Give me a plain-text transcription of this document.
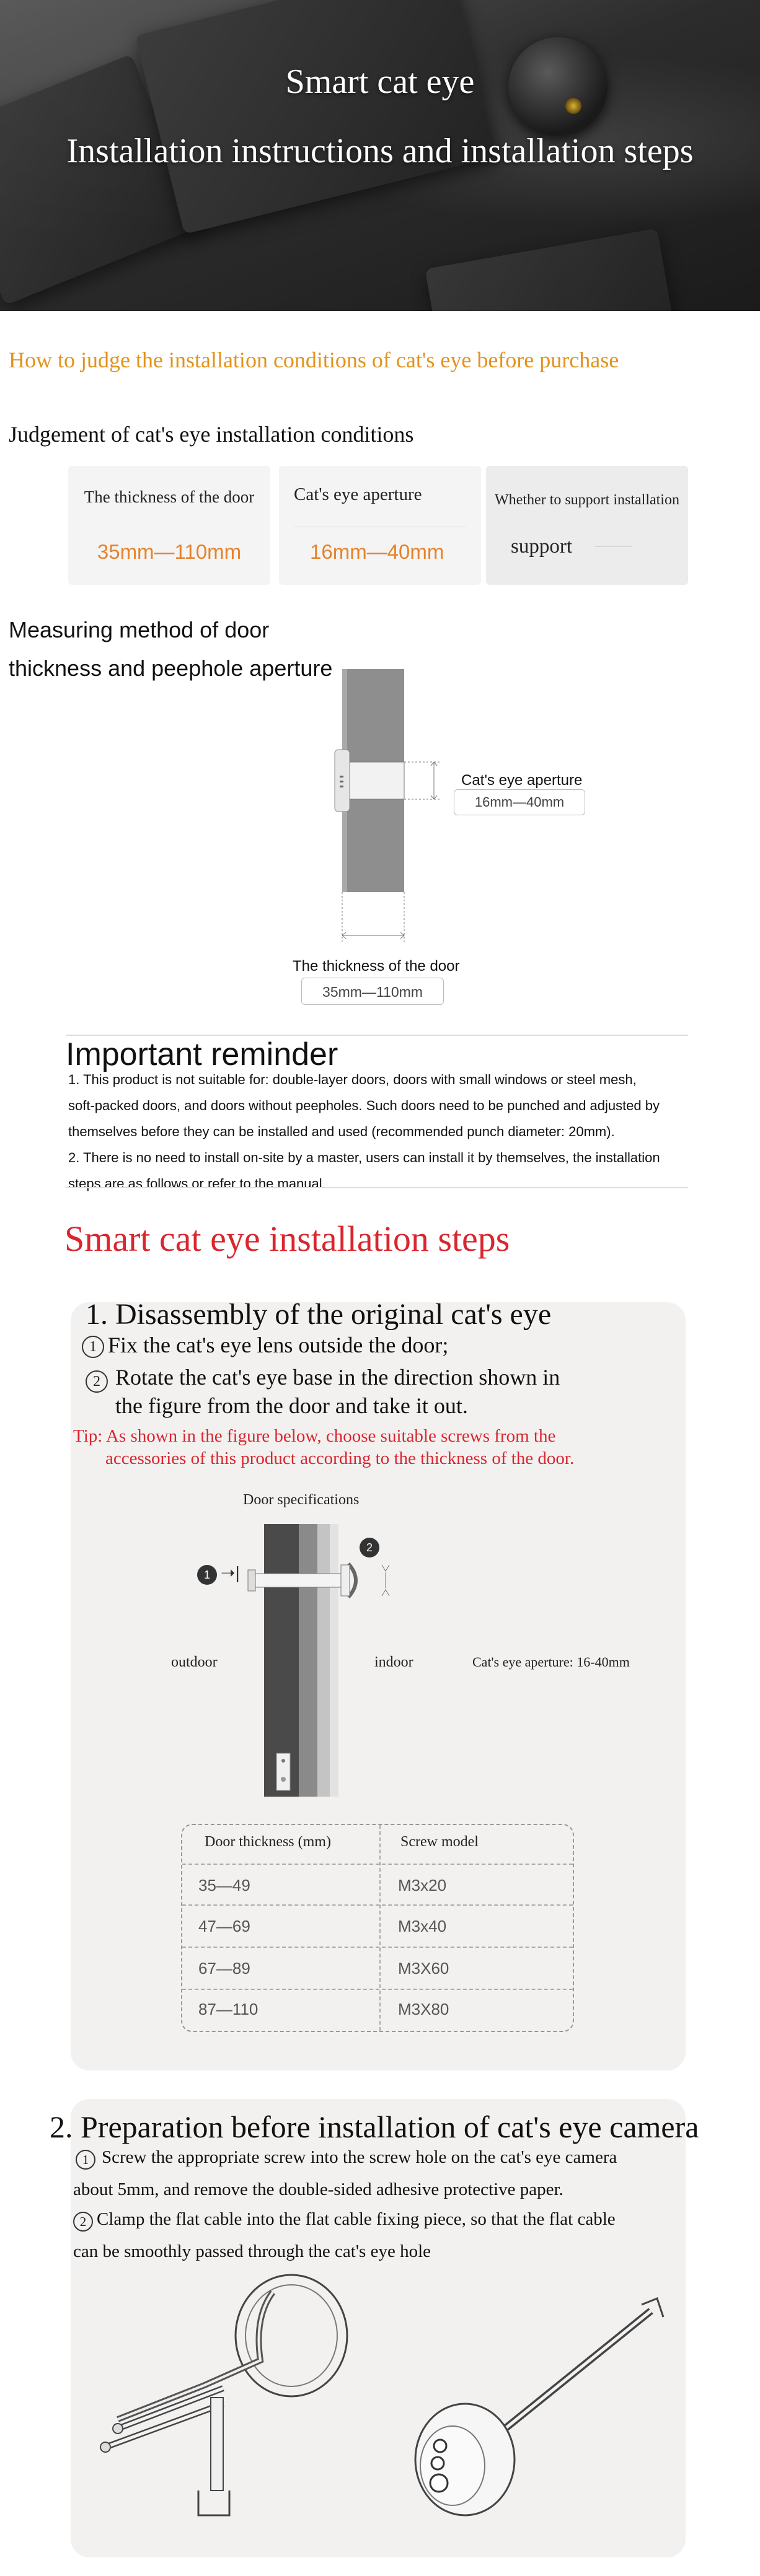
Smart cat eye
Installation instructions and installation steps
How to judge the installation conditions of cat's eye before purchase
Judgement of cat's eye installation conditions
The thickness of the door
35mm—110mm
Cat's eye aperture
16mm—40mm
Whether to support installation
support
Measuring method of door
thickness and peephole aperture
Cat's eye aperture
16mm—40mm
The thickness of the door
35mm—110mm
Important reminder
1. This product is not suitable for: double-layer doors, doors with small windows or steel mesh,
soft-packed doors, and doors without peepholes. Such doors need to be punched and adjusted by
themselves before they can be installed and used (recommended punch diameter: 20mm).
2. There is no need to install on-site by a master, users can install it by themselves, the installation
steps are as follows or refer to the manual
Smart cat eye installation steps
1. Disassembly of the original cat's eye
1 Fix the cat's eye lens outside the door;
2 Rotate the cat's eye base in the direction shown in
the figure from the door and take it out.
Tip: As shown in the figure below, choose suitable screws from the
accessories of this product according to the thickness of the door.
Door specifications
1 ➝|
2
outdoor	indoor	Cat's eye aperture: 16-40mm
Door thickness (mm)	Screw model
35—49	M3x20
47—69	M3x40
67—89	M3X60
87—110	M3X80
2. Preparation before installation of cat's eye camera
1 Screw the appropriate screw into the screw hole on the cat's eye camera
about 5mm, and remove the double-sided adhesive protective paper.
2 Clamp the flat cable into the flat cable fixing piece, so that the flat cable
can be smoothly passed through the cat's eye hole
